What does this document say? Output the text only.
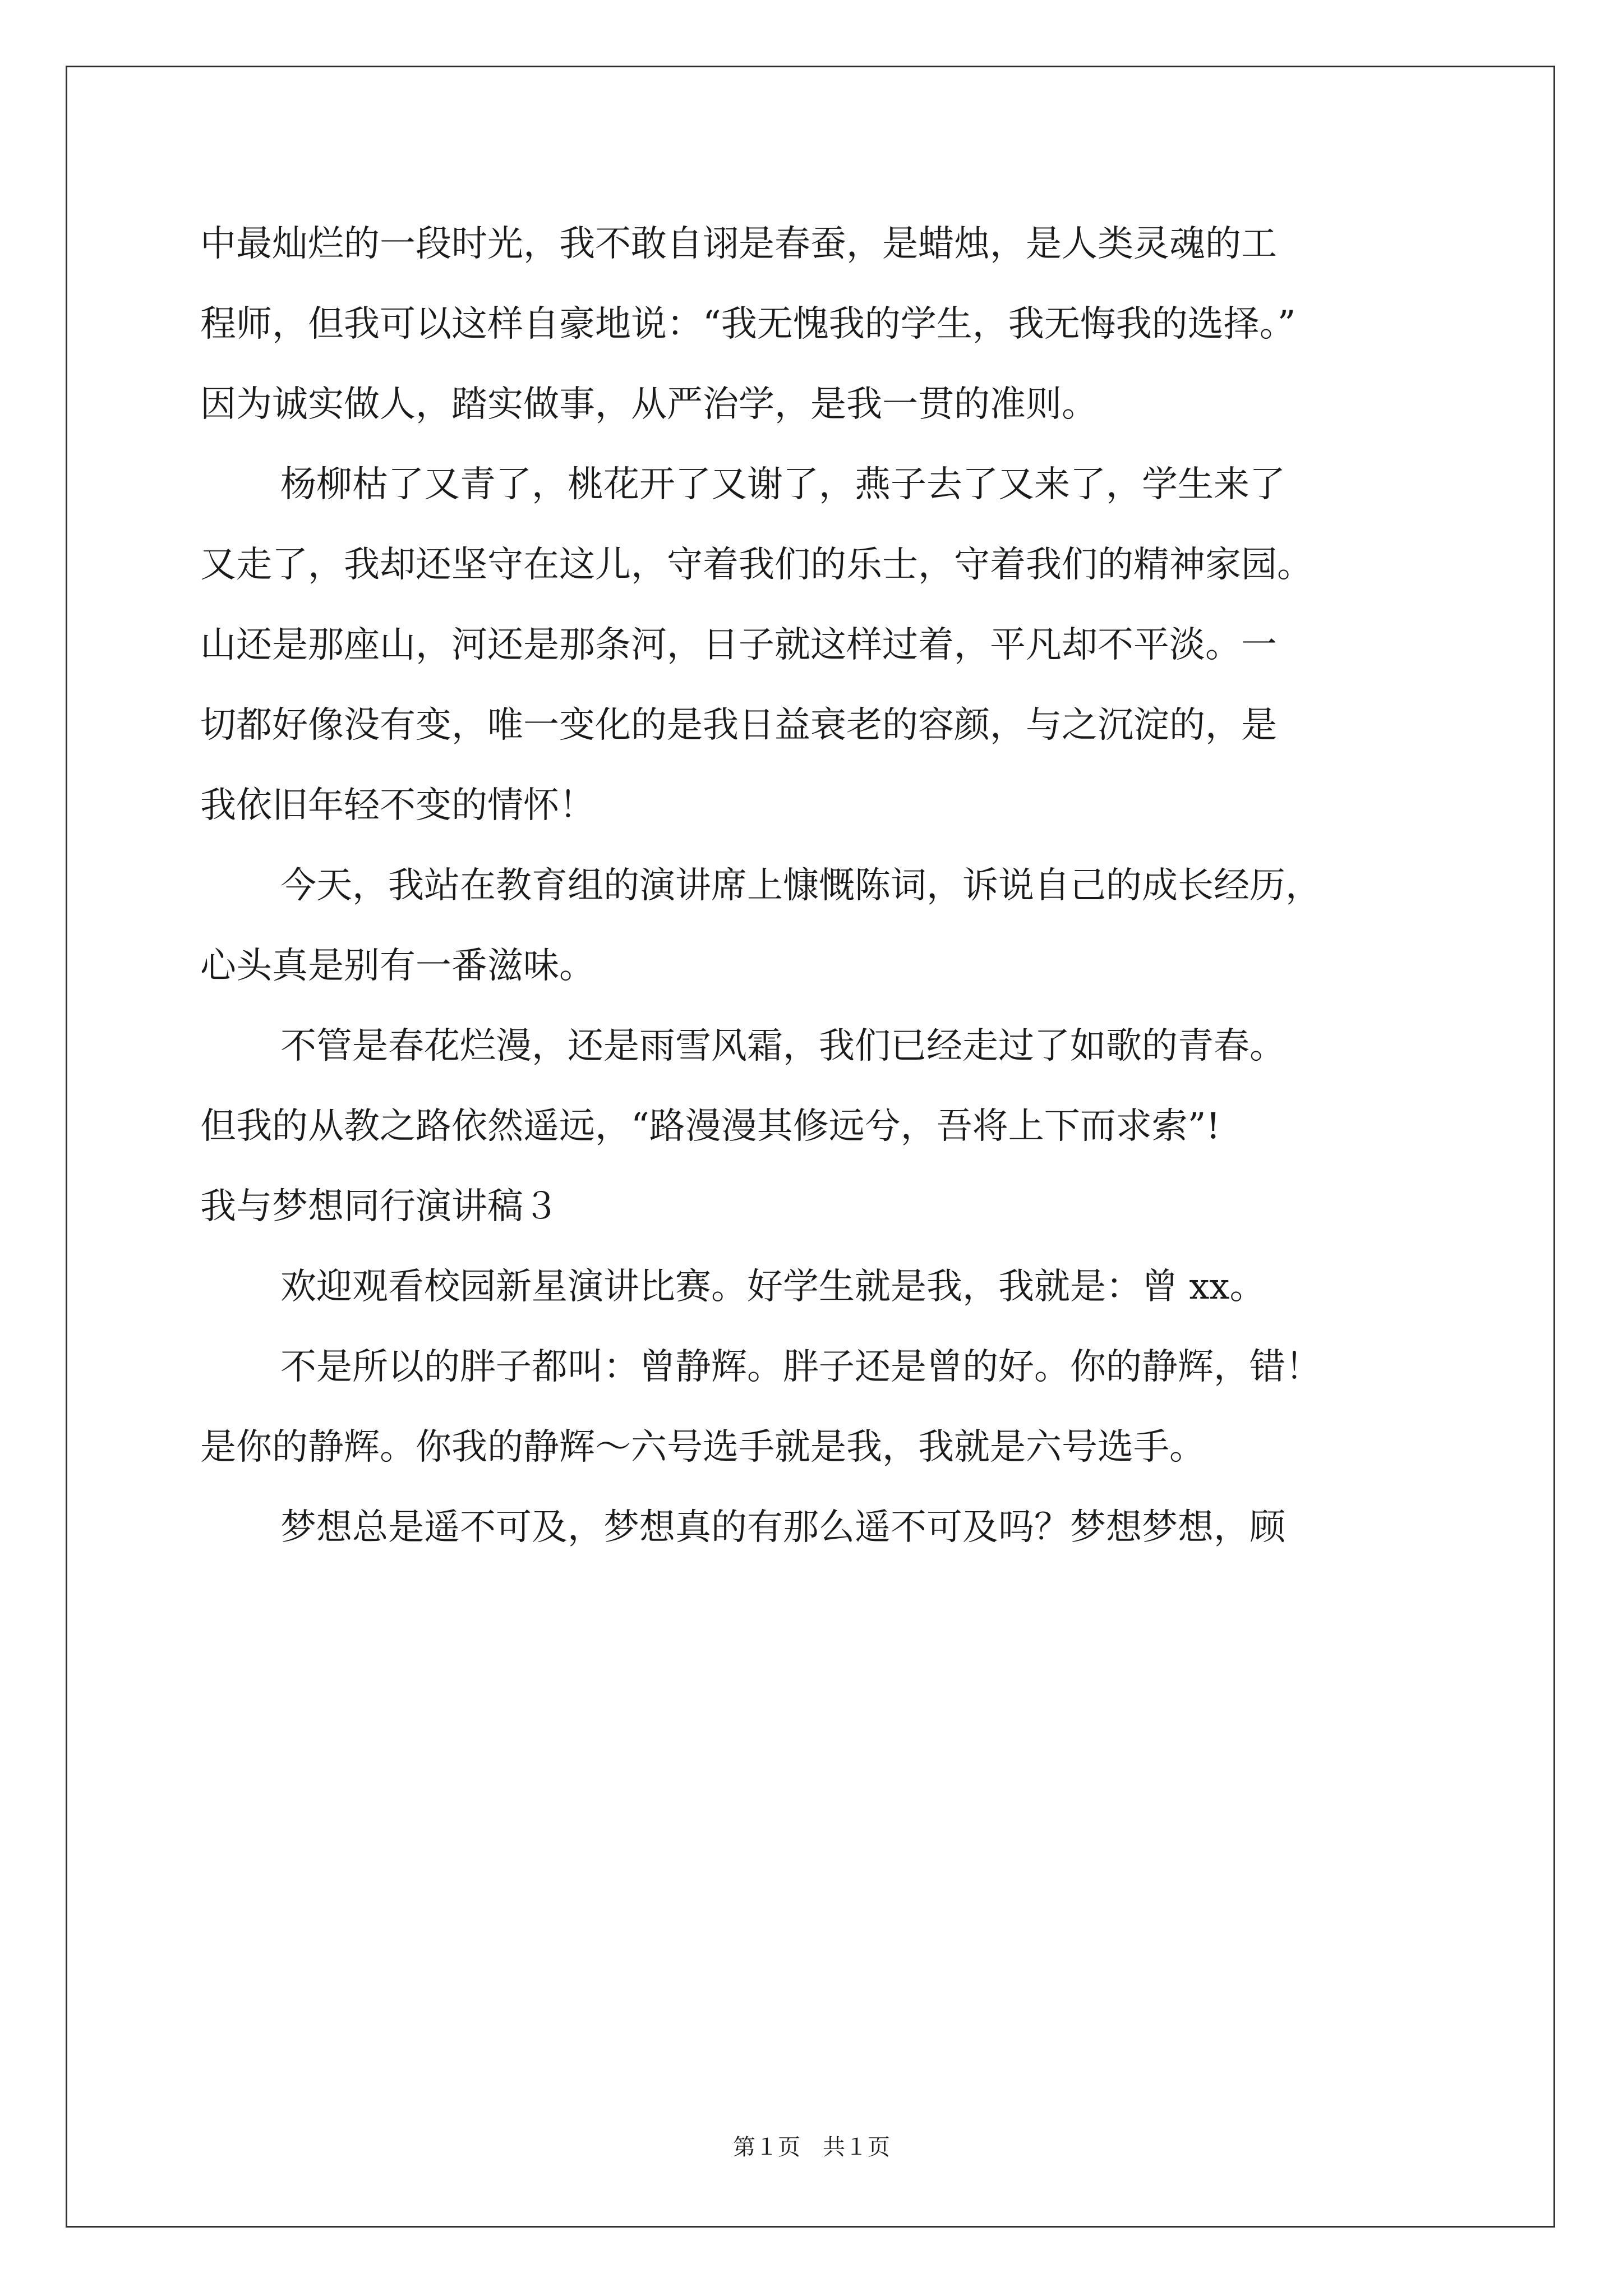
中最灿烂的一段时光，我不敢自诩是春蚕，是蜡烛，是人类灵魂的工
程师，但我可以这样自豪地说：“我无愧我的学生，我无悔我的选择。”
因为诚实做人，踏实做事，从严治学，是我一贯的准则。
杨柳枯了又青了，桃花开了又谢了，燕子去了又来了，学生来了
又走了，我却还坚守在这儿，守着我们的乐士，守着我们的精神家园。
山还是那座山，河还是那条河，日子就这样过着，平凡却不平淡。一
切都好像没有变，唯一变化的是我日益衰老的容颜，与之沉淀的，是
我依旧年轻不变的情怀！
今天，我站在教育组的演讲席上慷慨陈词，诉说自己的成长经历，
心头真是别有一番滋味。
不管是春花烂漫，还是雨雪风霜，我们已经走过了如歌的青春。
但我的从教之路依然遥远，“路漫漫其修远兮，吾将上下而求索”!
我与梦想同行演讲稿３
欢迎观看校园新星演讲比赛。好学生就是我，我就是：曾 xx。
不是所以的胖子都叫：曾静辉。胖子还是曾的好。你的静辉，错！
是你的静辉。你我的静辉～六号选手就是我，我就是六号选手。
梦想总是遥不可及，梦想真的有那么遥不可及吗？梦想梦想，顾
第１页　共１页
